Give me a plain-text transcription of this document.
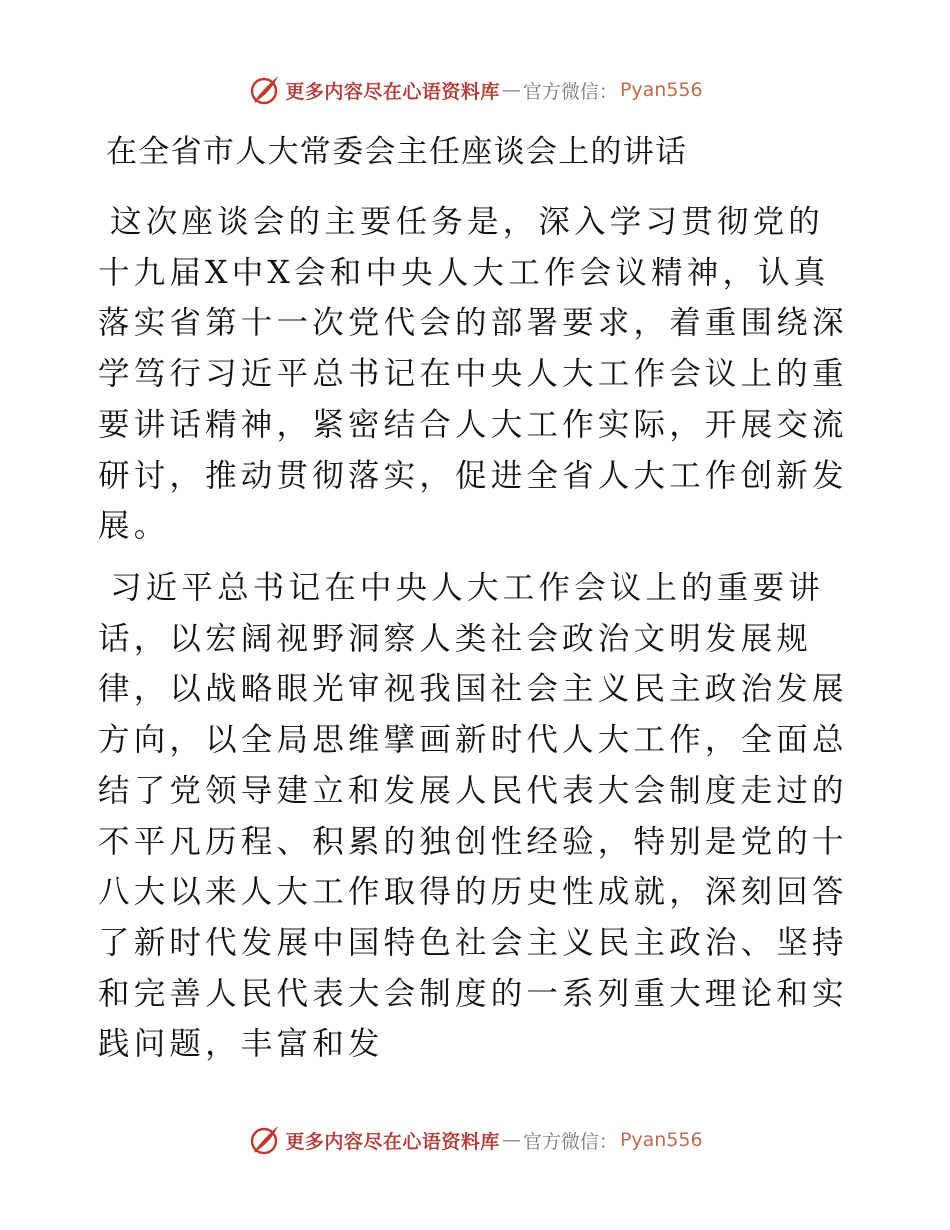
更多内容尽在心语资料库 — 官方微信： Pyan556
在全省市人大常委会主任座谈会上的讲话

这次座谈会的主要任务是，深入学习贯彻党的十九届X中X会和中央人大工作会议精神，认真落实省第十一次党代会的部署要求，着重围绕深学笃行习近平总书记在中央人大工作会议上的重要讲话精神，紧密结合人大工作实际，开展交流研讨，推动贯彻落实，促进全省人大工作创新发展。

习近平总书记在中央人大工作会议上的重要讲话，以宏阔视野洞察人类社会政治文明发展规律，以战略眼光审视我国社会主义民主政治发展方向，以全局思维擘画新时代人大工作，全面总结了党领导建立和发展人民代表大会制度走过的不平凡历程、积累的独创性经验，特别是党的十八大以来人大工作取得的历史性成就，深刻回答了新时代发展中国特色社会主义民主政治、坚持和完善人民代表大会制度的一系列重大理论和实践问题，丰富和发

更多内容尽在心语资料库 — 官方微信： Pyan556
